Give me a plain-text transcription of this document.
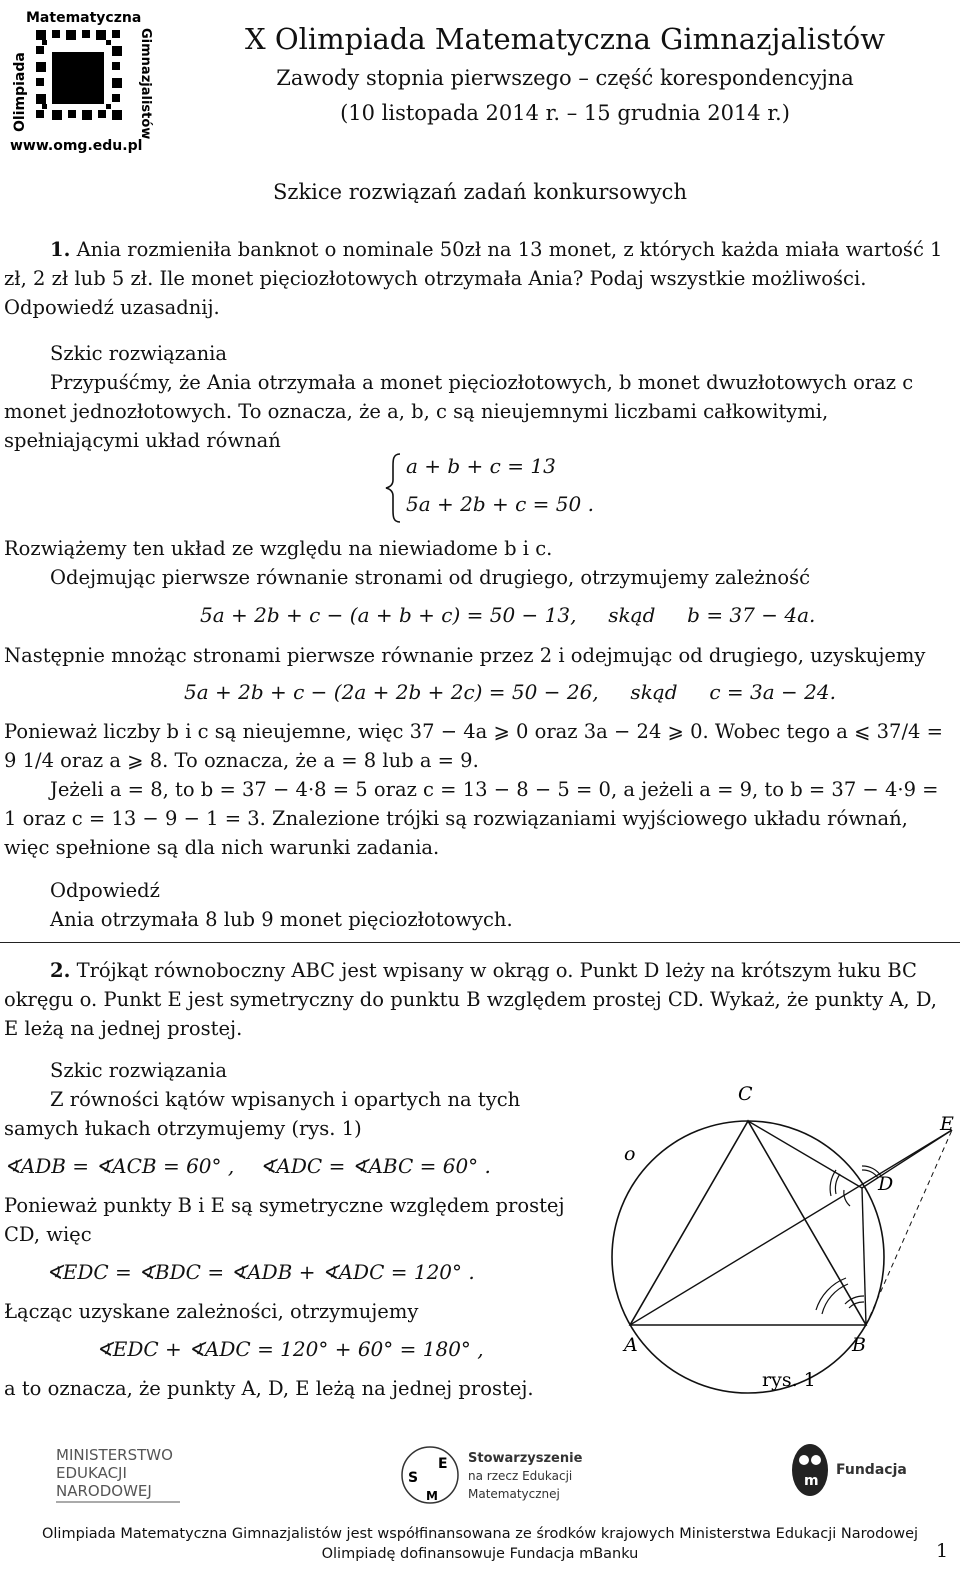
Matematyczna
Olimpiada	Gimnazjalistów
www.omg.edu.pl
X Olimpiada Matematyczna Gimnazjalistów
Zawody stopnia pierwszego – część korespondencyjna
(10 listopada 2014 r. – 15 grudnia 2014 r.)
Szkice rozwiązań zadań konkursowych
1. Ania rozmieniła banknot o nominale 50zł na 13 monet, z których każda miała wartość 1 zł, 2 zł lub 5 zł. Ile monet pięciozłotowych otrzymała Ania? Podaj wszystkie możliwości. Odpowiedź uzasadnij.
Szkic rozwiązania
Przypuśćmy, że Ania otrzymała a monet pięciozłotowych, b monet dwuzłotowych oraz c monet jednozłotowych. To oznacza, że a, b, c są nieujemnymi liczbami całkowitymi, spełniającymi układ równań
a + b + c = 13
5a + 2b + c = 50 .
Rozwiążemy ten układ ze względu na niewiadome b i c.
Odejmując pierwsze równanie stronami od drugiego, otrzymujemy zależność
5a + 2b + c − (a + b + c) = 50 − 13,     skąd     b = 37 − 4a.
Następnie mnożąc stronami pierwsze równanie przez 2 i odejmując od drugiego, uzyskujemy
5a + 2b + c − (2a + 2b + 2c) = 50 − 26,     skąd     c = 3a − 24.
Ponieważ liczby b i c są nieujemne, więc 37 − 4a ⩾ 0 oraz 3a − 24 ⩾ 0. Wobec tego a ⩽ 37/4 = 9 1/4 oraz a ⩾ 8. To oznacza, że a = 8 lub a = 9.
Jeżeli a = 8, to b = 37 − 4·8 = 5 oraz c = 13 − 8 − 5 = 0, a jeżeli a = 9, to b = 37 − 4·9 = 1 oraz c = 13 − 9 − 1 = 3. Znalezione trójki są rozwiązaniami wyjściowego układu równań, więc spełnione są dla nich warunki zadania.
Odpowiedź
Ania otrzymała 8 lub 9 monet pięciozłotowych.
2. Trójkąt równoboczny ABC jest wpisany w okrąg o. Punkt D leży na krótszym łuku BC okręgu o. Punkt E jest symetryczny do punktu B względem prostej CD. Wykaż, że punkty A, D, E leżą na jednej prostej.
Szkic rozwiązania
Z równości kątów wpisanych i opartych na tych samych łukach otrzymujemy (rys. 1)
∢ADB = ∢ACB = 60° ,    ∢ADC = ∢ABC = 60° .
Ponieważ punkty B i E są symetryczne względem prostej CD, więc
∢EDC = ∢BDC = ∢ADB + ∢ADC = 120° .
Łącząc uzyskane zależności, otrzymujemy
∢EDC + ∢ADC = 120° + 60° = 180° ,
a to oznacza, że punkty A, D, E leżą na jednej prostej.
C
o
E
D
A	B
rys. 1
MINISTERSTWO
EDUKACJI
NARODOWEJ
S
E
M
Stowarzyszenie
na rzecz Edukacji
Matematycznej
m
Fundacja
Olimpiada Matematyczna Gimnazjalistów jest współfinansowana ze środków krajowych Ministerstwa Edukacji Narodowej
Olimpiadę dofinansowuje Fundacja mBanku	1
